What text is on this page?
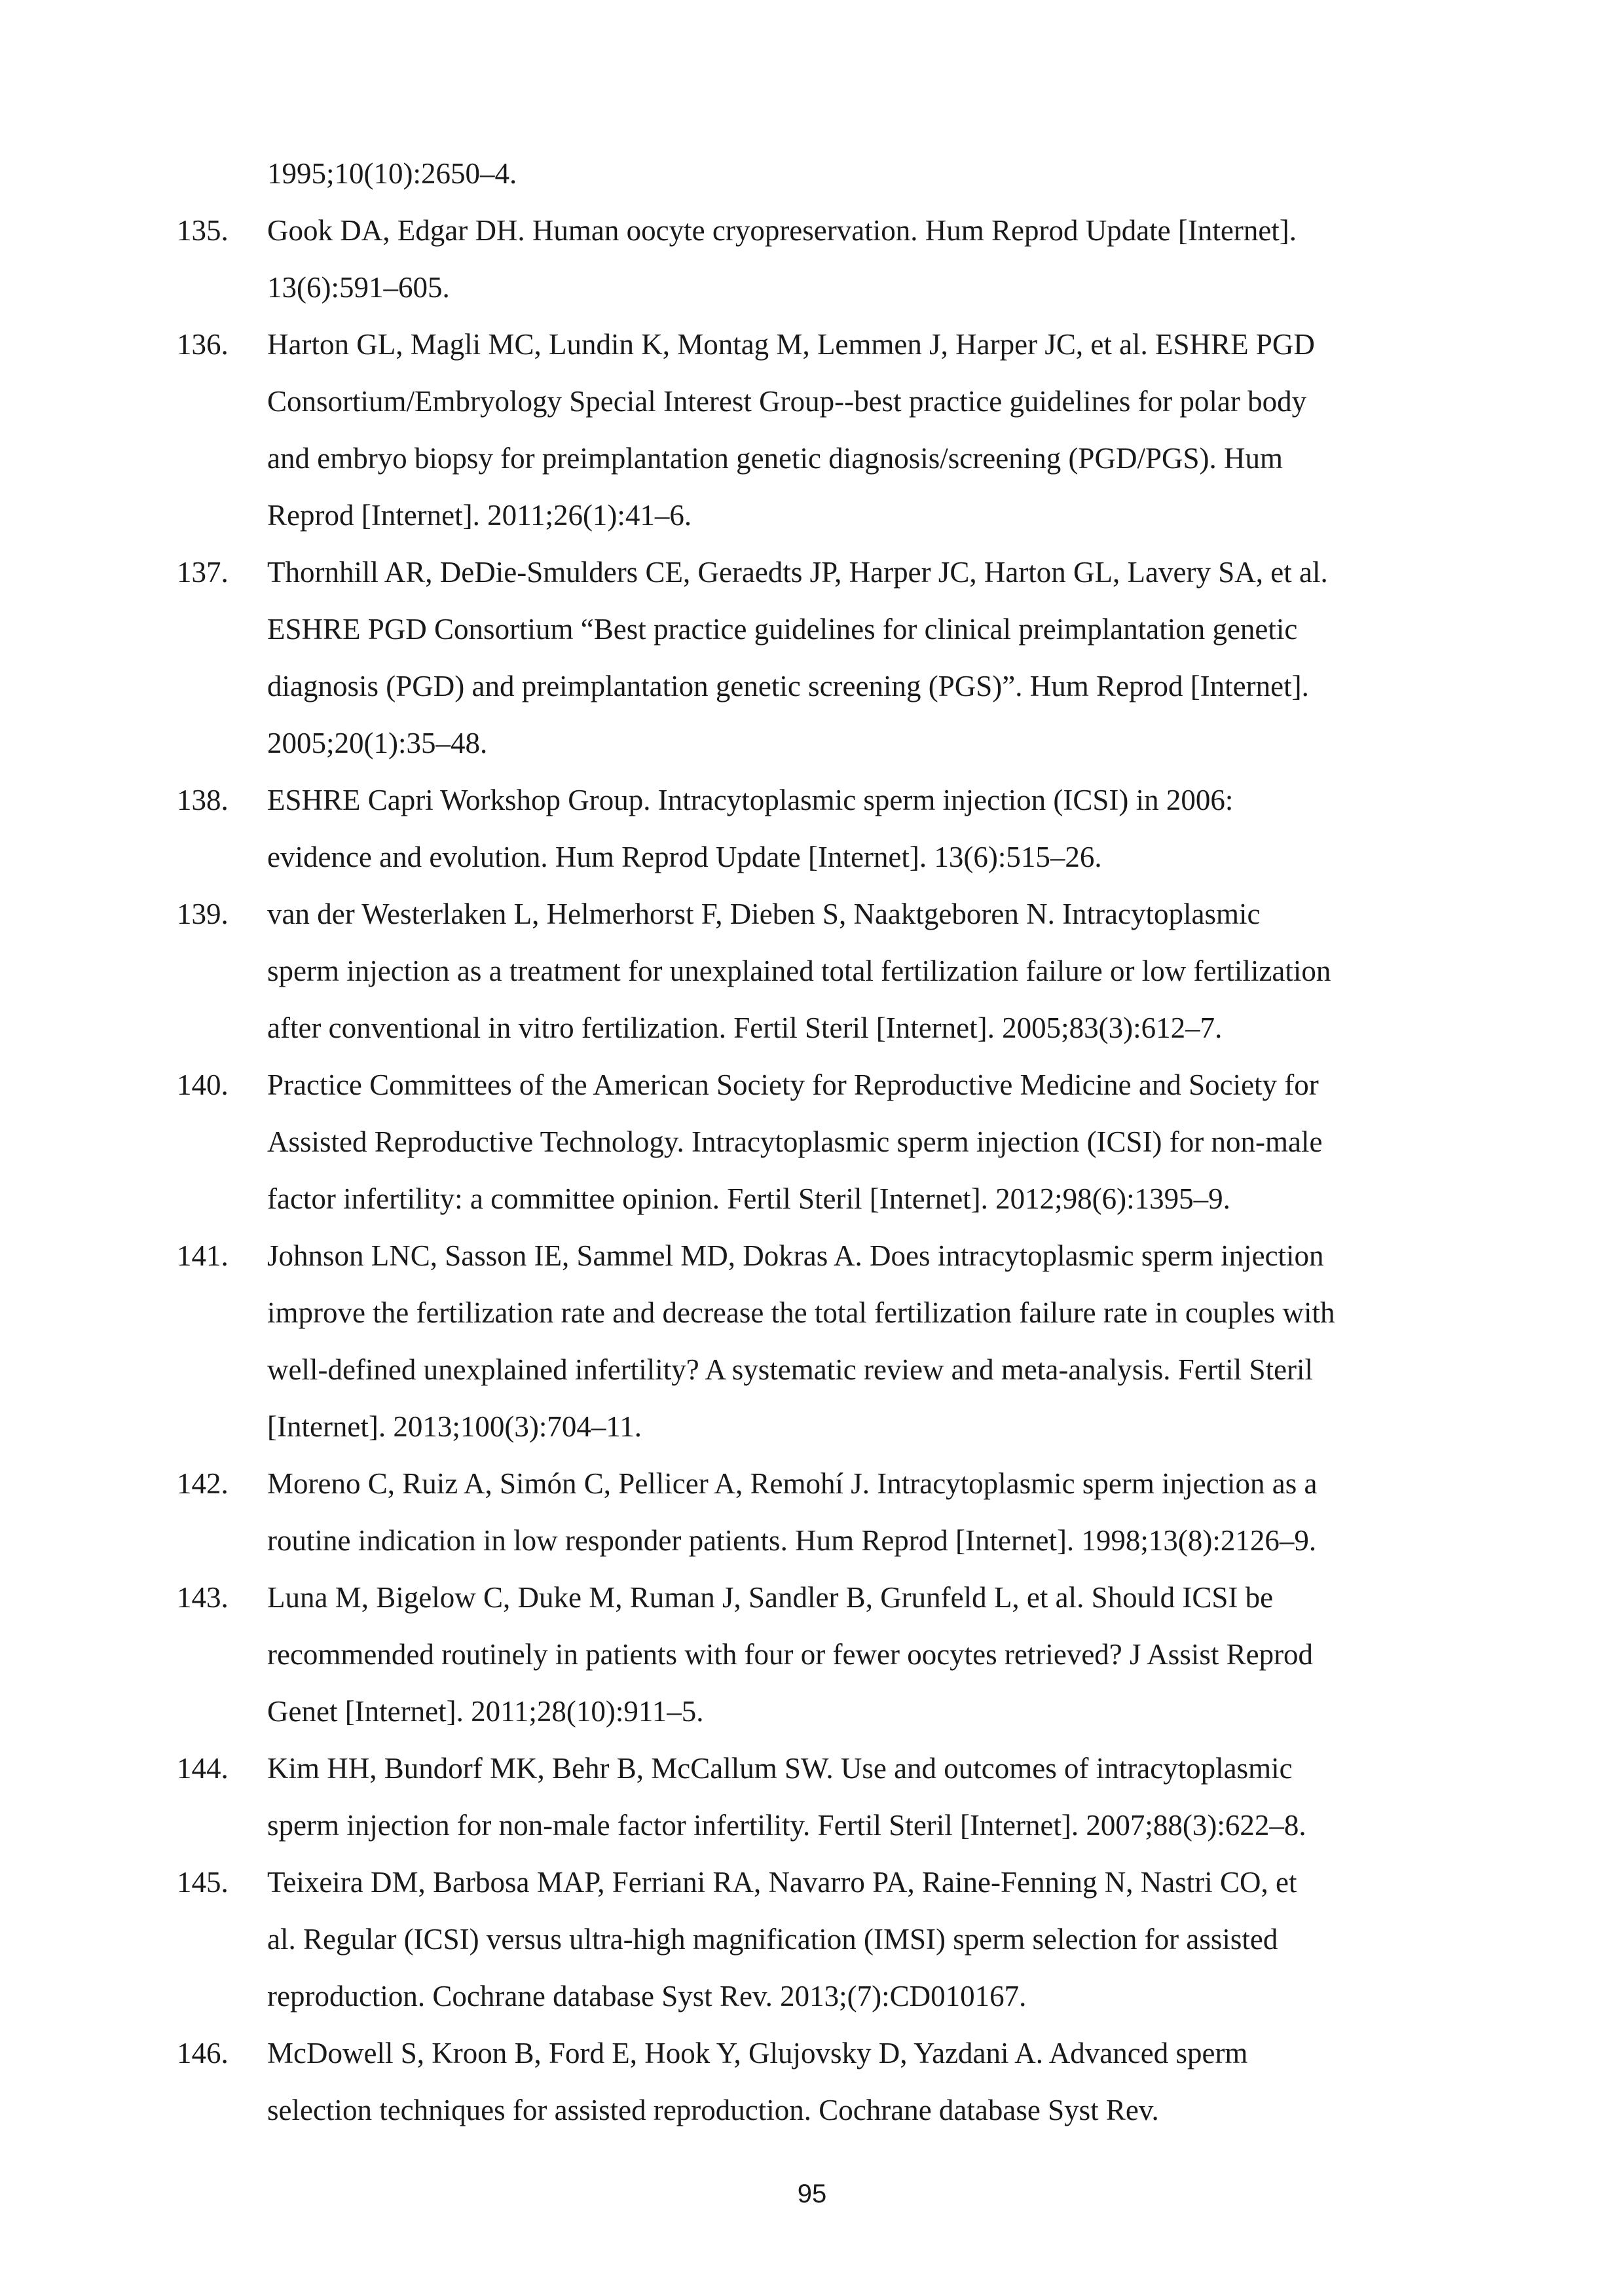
1995;10(10):2650–4.
135.	Gook DA, Edgar DH. Human oocyte cryopreservation. Hum Reprod Update [Internet].
13(6):591–605.
136.	Harton GL, Magli MC, Lundin K, Montag M, Lemmen J, Harper JC, et al. ESHRE PGD
Consortium/Embryology Special Interest Group--best practice guidelines for polar body
and embryo biopsy for preimplantation genetic diagnosis/screening (PGD/PGS). Hum
Reprod [Internet]. 2011;26(1):41–6.
137.	Thornhill AR, DeDie-Smulders CE, Geraedts JP, Harper JC, Harton GL, Lavery SA, et al.
ESHRE PGD Consortium “Best practice guidelines for clinical preimplantation genetic
diagnosis (PGD) and preimplantation genetic screening (PGS)”. Hum Reprod [Internet].
2005;20(1):35–48.
138.	ESHRE Capri Workshop Group. Intracytoplasmic sperm injection (ICSI) in 2006:
evidence and evolution. Hum Reprod Update [Internet]. 13(6):515–26.
139.	van der Westerlaken L, Helmerhorst F, Dieben S, Naaktgeboren N. Intracytoplasmic
sperm injection as a treatment for unexplained total fertilization failure or low fertilization
after conventional in vitro fertilization. Fertil Steril [Internet]. 2005;83(3):612–7.
140.	Practice Committees of the American Society for Reproductive Medicine and Society for
Assisted Reproductive Technology. Intracytoplasmic sperm injection (ICSI) for non-male
factor infertility: a committee opinion. Fertil Steril [Internet]. 2012;98(6):1395–9.
141.	Johnson LNC, Sasson IE, Sammel MD, Dokras A. Does intracytoplasmic sperm injection
improve the fertilization rate and decrease the total fertilization failure rate in couples with
well-defined unexplained infertility? A systematic review and meta-analysis. Fertil Steril
[Internet]. 2013;100(3):704–11.
142.	Moreno C, Ruiz A, Simón C, Pellicer A, Remohí J. Intracytoplasmic sperm injection as a
routine indication in low responder patients. Hum Reprod [Internet]. 1998;13(8):2126–9.
143.	Luna M, Bigelow C, Duke M, Ruman J, Sandler B, Grunfeld L, et al. Should ICSI be
recommended routinely in patients with four or fewer oocytes retrieved? J Assist Reprod
Genet [Internet]. 2011;28(10):911–5.
144.	Kim HH, Bundorf MK, Behr B, McCallum SW. Use and outcomes of intracytoplasmic
sperm injection for non-male factor infertility. Fertil Steril [Internet]. 2007;88(3):622–8.
145.	Teixeira DM, Barbosa MAP, Ferriani RA, Navarro PA, Raine-Fenning N, Nastri CO, et
al. Regular (ICSI) versus ultra-high magnification (IMSI) sperm selection for assisted
reproduction. Cochrane database Syst Rev. 2013;(7):CD010167.
146.	McDowell S, Kroon B, Ford E, Hook Y, Glujovsky D, Yazdani A. Advanced sperm
selection techniques for assisted reproduction. Cochrane database Syst Rev.
95
